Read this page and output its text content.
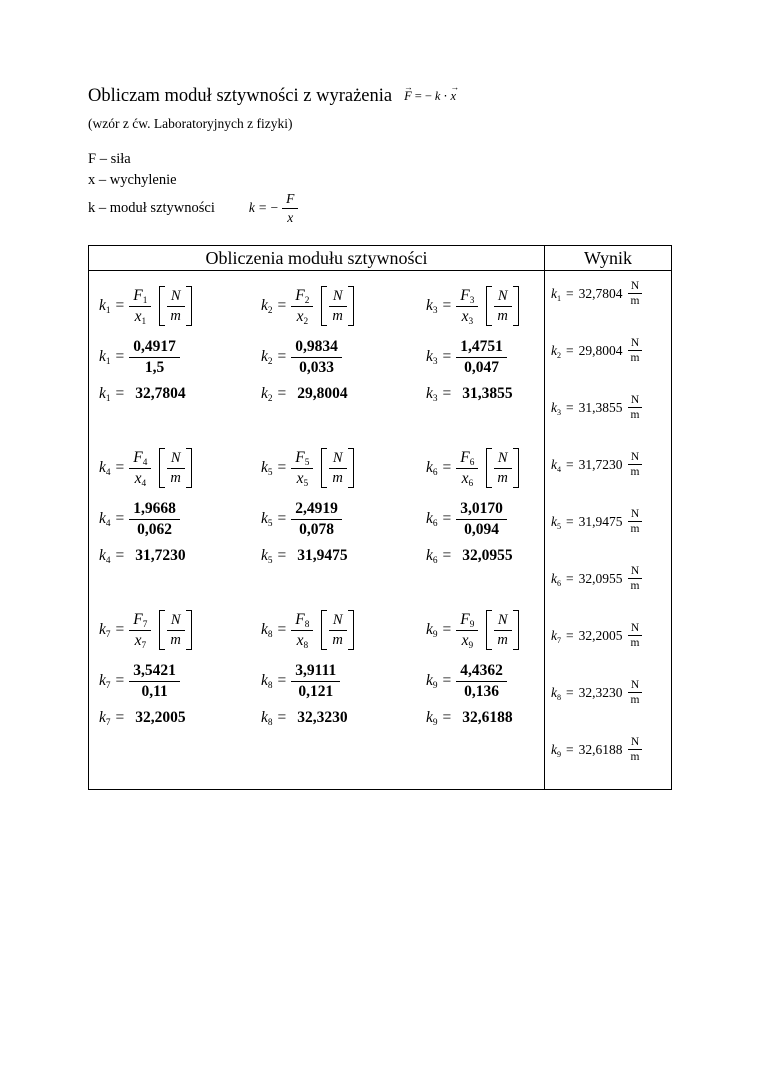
Obliczam moduł sztywności z wyrażenia →
F = − k ⋅
→
x
(wzór z ćw. Laboratoryjnych z fizyki)
F – siła
x – wychylenie
k – moduł sztywności	k = − $\frac{F}{x}$
Obliczenia modułu sztywności	Wynik
$k_1 = \frac{F_1}{x_1} \frac{N}{m}$
$k_1 = \frac{0,4917}{1,5}$
$k_1 = 32,7804$
$k_2 = \frac{F_2}{x_2} \frac{N}{m}$
$k_2 = \frac{0,9834}{0,033}$
$k_2 = 29,8004$
$k_3 = \frac{F_3}{x_3} \frac{N}{m}$
$k_3 = \frac{1,4751}{0,047}$
$k_3 = 31,3855$
$k_4 = \frac{F_4}{x_4} \frac{N}{m}$
$k_4 = \frac{1,9668}{0,062}$
$k_4 = 31,7230$
$k_5 = \frac{F_5}{x_5} \frac{N}{m}$
$k_5 = \frac{2,4919}{0,078}$
$k_5 = 31,9475$
$k_6 = \frac{F_6}{x_6} \frac{N}{m}$
$k_6 = \frac{3,0170}{0,094}$
$k_6 = 32,0955$
$k_7 = \frac{F_7}{x_7} \frac{N}{m}$
$k_7 = \frac{3,5421}{0,11}$
$k_7 = 32,2005$
$k_8 = \frac{F_8}{x_8} \frac{N}{m}$
$k_8 = \frac{3,9111}{0,121}$
$k_8 = 32,3230$
$k_9 = \frac{F_9}{x_9} \frac{N}{m}$
$k_9 = \frac{4,4362}{0,136}$
$k_9 = 32,6188$
$k_1 = 32,7804 \frac{N}{m}$
$k_2 = 29,8004 \frac{N}{m}$
$k_3 = 31,3855 \frac{N}{m}$
$k_4 = 31,7230 \frac{N}{m}$
$k_5 = 31,9475 \frac{N}{m}$
$k_6 = 32,0955 \frac{N}{m}$
$k_7 = 32,2005 \frac{N}{m}$
$k_8 = 32,3230 \frac{N}{m}$
$k_9 = 32,6188 \frac{N}{m}$
